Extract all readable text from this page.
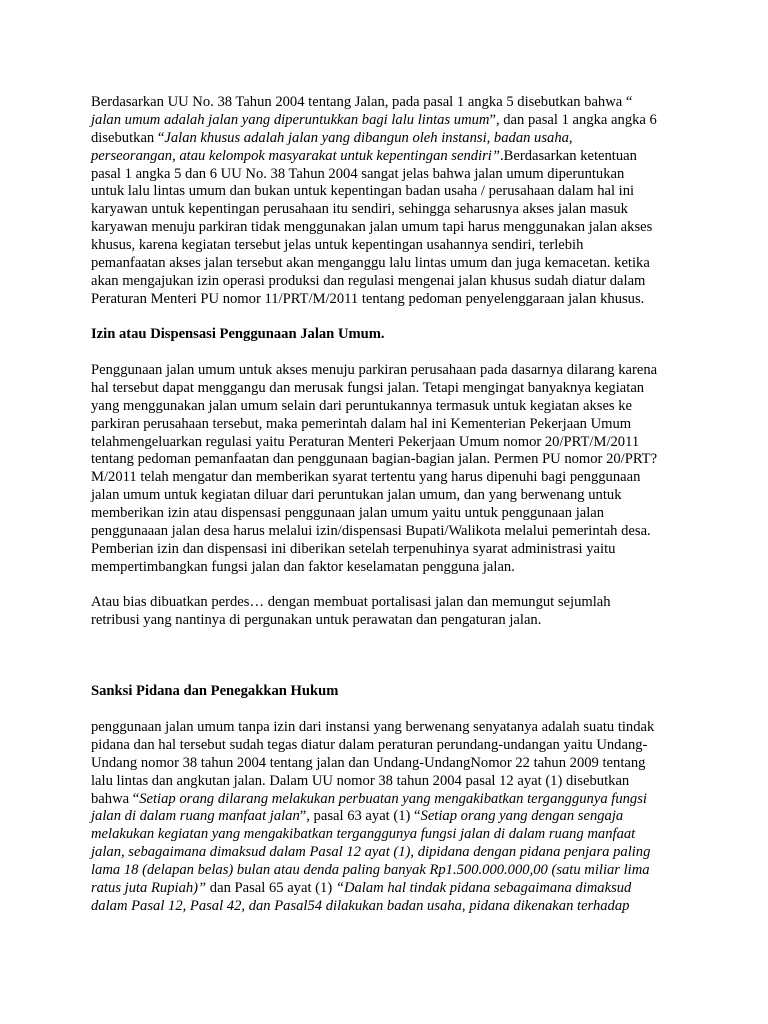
Berdasarkan UU No. 38 Tahun 2004 tentang Jalan, pada pasal 1 angka 5 disebutkan bahwa “
jalan umum adalah jalan yang diperuntukkan bagi lalu lintas umum”, dan pasal 1 angka angka 6
disebutkan “Jalan khusus adalah jalan yang dibangun oleh instansi, badan usaha,
perseorangan, atau kelompok masyarakat untuk kepentingan sendiri”.Berdasarkan ketentuan
pasal 1 angka 5 dan 6 UU No. 38 Tahun 2004 sangat jelas bahwa jalan umum diperuntukan
untuk lalu lintas umum dan bukan untuk kepentingan badan usaha / perusahaan dalam hal ini
karyawan untuk kepentingan perusahaan itu sendiri, sehingga seharusnya akses jalan masuk
karyawan menuju parkiran tidak menggunakan jalan umum tapi harus menggunakan jalan akses
khusus, karena kegiatan tersebut jelas untuk kepentingan usahannya sendiri, terlebih
pemanfaatan akses jalan tersebut akan menganggu lalu lintas umum dan juga kemacetan. ketika
akan mengajukan izin operasi produksi dan regulasi mengenai jalan khusus sudah diatur dalam
Peraturan Menteri PU nomor 11/PRT/M/2011 tentang pedoman penyelenggaraan jalan khusus.
Izin atau Dispensasi Penggunaan Jalan Umum.
Penggunaan jalan umum untuk akses menuju parkiran perusahaan pada dasarnya dilarang karena
hal tersebut dapat menggangu dan merusak fungsi jalan. Tetapi mengingat banyaknya kegiatan
yang menggunakan jalan umum selain dari peruntukannya termasuk untuk kegiatan akses ke
parkiran perusahaan tersebut, maka pemerintah dalam hal ini Kementerian Pekerjaan Umum
telahmengeluarkan regulasi yaitu Peraturan Menteri Pekerjaan Umum nomor 20/PRT/M/2011
tentang pedoman pemanfaatan dan penggunaan bagian-bagian jalan. Permen PU nomor 20/PRT?
M/2011 telah mengatur dan memberikan syarat tertentu yang harus dipenuhi bagi penggunaan
jalan umum untuk kegiatan diluar dari peruntukan jalan umum, dan yang berwenang untuk
memberikan izin atau dispensasi penggunaan jalan umum yaitu untuk penggunaan jalan
penggunaaan jalan desa harus melalui izin/dispensasi Bupati/Walikota melalui pemerintah desa.
Pemberian izin dan dispensasi ini diberikan setelah terpenuhinya syarat administrasi yaitu
mempertimbangkan fungsi jalan dan faktor keselamatan pengguna jalan.
Atau bias dibuatkan perdes… dengan membuat portalisasi jalan dan memungut sejumlah
retribusi yang nantinya di pergunakan untuk perawatan dan pengaturan jalan.
Sanksi Pidana dan Penegakkan Hukum
penggunaan jalan umum tanpa izin dari instansi yang berwenang senyatanya adalah suatu tindak
pidana dan hal tersebut sudah tegas diatur dalam peraturan perundang-undangan yaitu Undang-
Undang nomor 38 tahun 2004 tentang jalan dan Undang-UndangNomor 22 tahun 2009 tentang
lalu lintas dan angkutan jalan. Dalam UU nomor 38 tahun 2004 pasal 12 ayat (1) disebutkan
bahwa “Setiap orang dilarang melakukan perbuatan yang mengakibatkan terganggunya fungsi
jalan di dalam ruang manfaat jalan”, pasal 63 ayat (1) “Setiap orang yang dengan sengaja
melakukan kegiatan yang mengakibatkan terganggunya fungsi jalan di dalam ruang manfaat
jalan, sebagaimana dimaksud dalam Pasal 12 ayat (1), dipidana dengan pidana penjara paling
lama 18 (delapan belas) bulan atau denda paling banyak Rp1.500.000.000,00 (satu miliar lima
ratus juta Rupiah)” dan Pasal 65 ayat (1) “Dalam hal tindak pidana sebagaimana dimaksud
dalam Pasal 12, Pasal 42, dan Pasal54 dilakukan badan usaha, pidana dikenakan terhadap
